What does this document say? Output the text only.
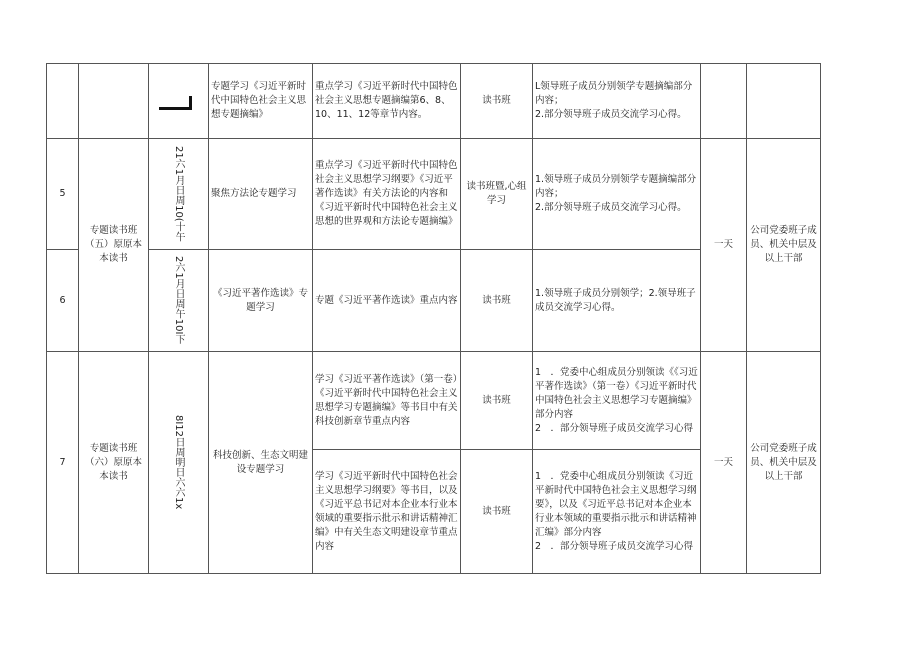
	专题学习《习近平新时代中国特色社会主义思想专题摘编》	重点学习《习近平新时代中国特色社会主义思想专题摘编第6、8、10、11、12等章节内容。	读书班	L领导班子成员分别领学专题摘编部分内容；
2.部分领导班子成员交流学习心得。		
5	专题读书班（五）原原本本读书	21六1月日周10(十午	聚焦方法论专题学习	重点学习《习近平新时代中国特色社会主义思想学习纲要》《习近平著作选读》有关方法论的内容和《习近平新时代中国特色社会主义思想的世界观和方法论专题摘编》	读书班暨,心组学习	1.领导班子成员分别领学专题摘编部分内容；
2.部分领导班子成员交流学习心得。	一天	公司党委班子成员、机关中层及以上干部
6		2六1月日周午10I下	《习近平著作选读》专题学习	专题《习近平著作选读》重点内容	读书班	1.领导班子成员分别领学；2.领导班子成员交流学习心得。		
7	专题读书班（六）原原本本读书	8I12日周明日六六1x	科技创新、生态文明建设专题学习	学习《习近平著作选读》（第一卷）《习近平新时代中国特色社会主义思想学习专题摘编》等书目中有关科技创新章节重点内容	读书班	1　．党委中心组成员分别领读《《习近平著作选读》（第一卷）《习近平新时代中国特色社会主义思想学习专题摘编》部分内容
2　．部分领导班子成员交流学习心得	一天	公司党委班子成员、机关中层及以上干部
				学习《习近平新时代中国特色社会主义思想学习纲要》等书目，以及《习近平总书记对本企业本行业本领域的重要指示批示和讲话精神汇编》中有关生态文明建设章节重点内容	读书班	1　．党委中心组成员分别领读《习近平新时代中国特色社会主义思想学习纲要》，以及《习近平总书记对本企业本行业本领域的重要指示批示和讲话精神汇编》部分内容
2　．部分领导班子成员交流学习心得		
